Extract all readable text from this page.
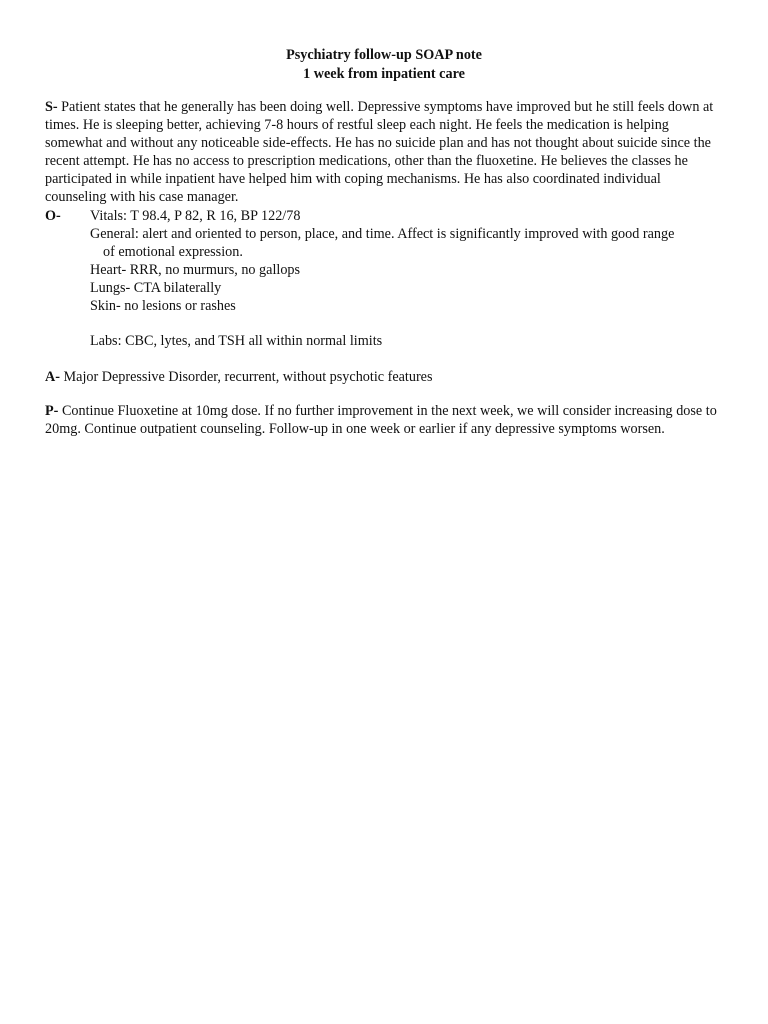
Psychiatry follow-up SOAP note
1 week from inpatient care
S- Patient states that he generally has been doing well. Depressive symptoms have improved but he still feels down at times. He is sleeping better, achieving 7-8 hours of restful sleep each night. He feels the medication is helping somewhat and without any noticeable side-effects. He has no suicide plan and has not thought about suicide since the recent attempt. He has no access to prescription medications, other than the fluoxetine. He believes the classes he participated in while inpatient have helped him with coping mechanisms. He has also coordinated individual counseling with his case manager.
O- Vitals: T 98.4, P 82, R 16, BP 122/78
General: alert and oriented to person, place, and time. Affect is significantly improved with good range
of emotional expression.
Heart- RRR, no murmurs, no gallops
Lungs- CTA bilaterally
Skin- no lesions or rashes
Labs: CBC, lytes, and TSH all within normal limits
A- Major Depressive Disorder, recurrent, without psychotic features
P- Continue Fluoxetine at 10mg dose. If no further improvement in the next week, we will consider increasing dose to 20mg. Continue outpatient counseling. Follow-up in one week or earlier if any depressive symptoms worsen.
